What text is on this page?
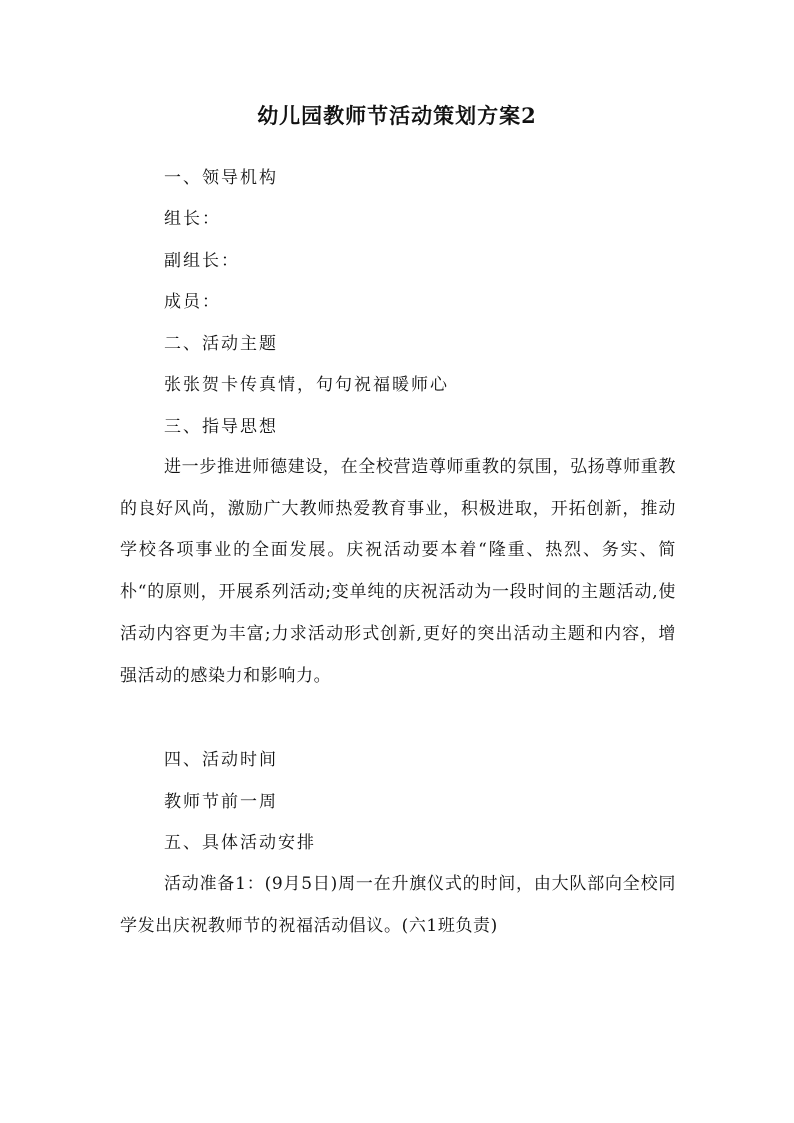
幼儿园教师节活动策划方案2
一、领导机构
组长：
副组长：
成员：
二、活动主题
张张贺卡传真情，句句祝福暖师心
三、指导思想
进一步推进师德建设，在全校营造尊师重教的氛围，弘扬尊师重教的良好风尚，激励广大教师热爱教育事业，积极进取，开拓创新，推动学校各项事业的全面发展。庆祝活动要本着“隆重、热烈、务实、简朴“的原则，开展系列活动;变单纯的庆祝活动为一段时间的主题活动,使活动内容更为丰富;力求活动形式创新,更好的突出活动主题和内容，增强活动的感染力和影响力。
四、活动时间
教师节前一周
五、具体活动安排
活动准备1：(9月5日)周一在升旗仪式的时间，由大队部向全校同学发出庆祝教师节的祝福活动倡议。(六1班负责)
